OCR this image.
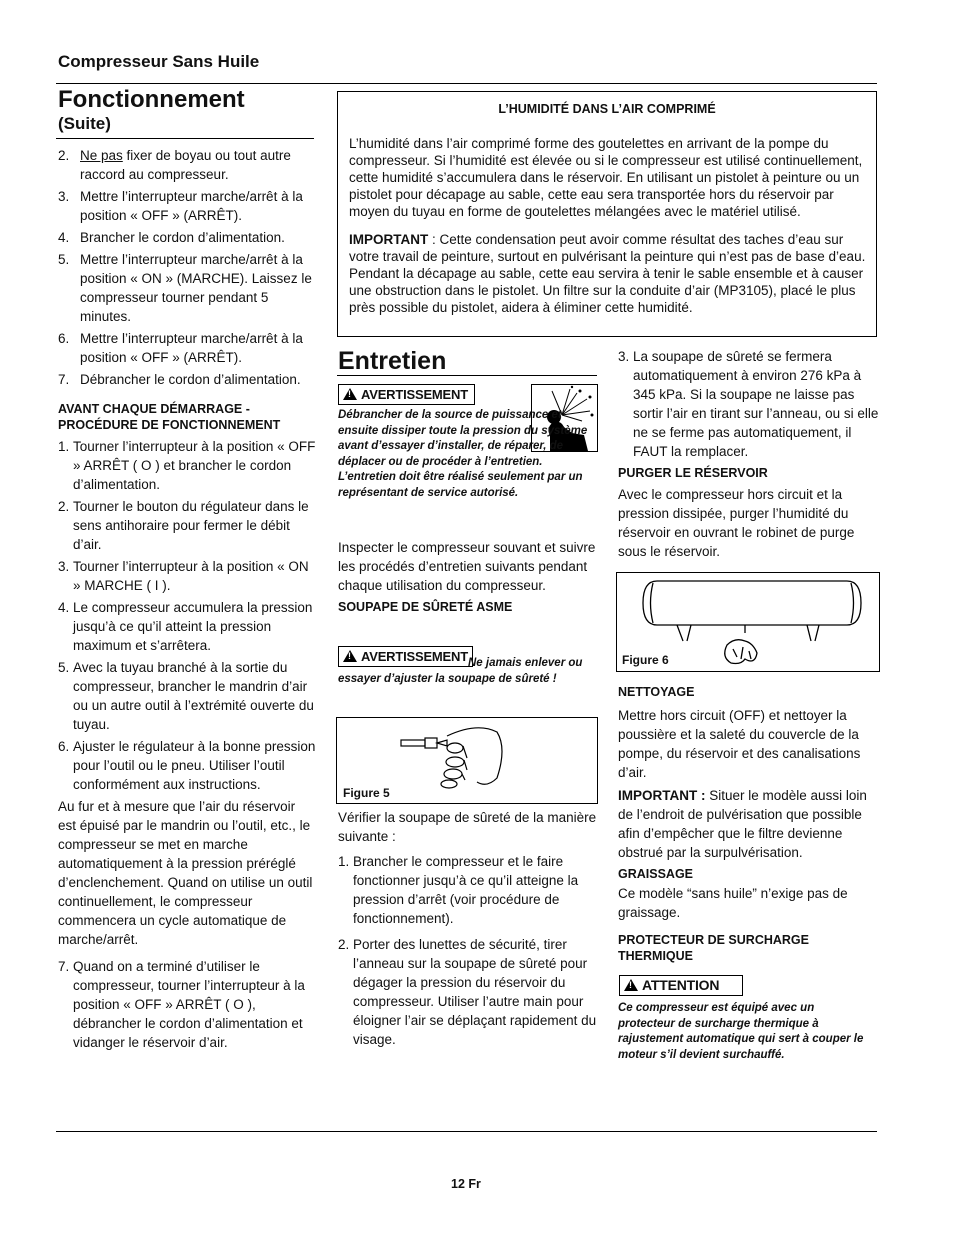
Compresseur Sans Huile
Fonctionnement
(Suite)
2. Ne pas fixer de boyau ou tout autre raccord au compresseur.
3. Mettre l’interrupteur marche/arrêt à la position « OFF » (ARRÊT).
4. Brancher le cordon d’alimentation.
5. Mettre l’interrupteur marche/arrêt à la position « ON » (MARCHE). Laissez le compresseur tourner pendant 5 minutes.
6. Mettre l’interrupteur marche/arrêt à la position « OFF » (ARRÊT).
7. Débrancher le cordon d’alimentation.
AVANT CHAQUE DÉMARRAGE - PROCÉDURE DE FONCTIONNEMENT
1. Tourner l’interrupteur à la position « OFF » ARRÊT ( O ) et brancher le cordon d’alimentation.
2. Tourner le bouton du régulateur dans le sens antihoraire pour fermer le débit d’air.
3. Tourner l’interrupteur à la position « ON » MARCHE ( I ).
4. Le compresseur accumulera la pression jusqu’à ce qu’il atteint la pression maximum et s’arrêtera.
5. Avec la tuyau branché à la sortie du compresseur, brancher le mandrin d’air ou un autre outil à l’extrémité ouverte du tuyau.
6. Ajuster le régulateur à la bonne pression pour l’outil ou le pneu. Utiliser l’outil conformément aux instructions.

Au fur et à mesure que l’air du réservoir est épuisé par le mandrin ou l’outil, etc., le compresseur se met en marche automatiquement à la pression préréglé d’enclenchement. Quand on utilise un outil continuellement, le compresseur commencera un cycle automatique de marche/arrêt.

7. Quand on a terminé d’utiliser le compresseur, tourner l’interrupteur à la position « OFF » ARRÊT ( O ), débrancher le cordon d’alimentation et vidanger le réservoir d’air.
L’HUMIDITÉ DANS L’AIR COMPRIMÉ

L’humidité dans l’air comprimé forme des goutelettes en arrivant de la pompe du compresseur. Si l’humidité est élevée ou si le compresseur est utilisé continuellement, cette humidité s’accumulera dans le réservoir. En utilisant un pistolet à peinture ou un pistolet pour décapage au sable, cette eau sera transportée hors du réservoir par moyen du tuyau en forme de goutelettes mélangées avec le matériel utilisé.

IMPORTANT : Cette condensation peut avoir comme résultat des taches d’eau sur votre travail de peinture, surtout en pulvérisant la peinture qui n’est pas de base d’eau. Pendant la décapage au sable, cette eau servira à tenir le sable ensemble et à causer une obstruction dans le pistolet. Un filtre sur la conduite d’air (MP3105), placé le plus près possible du pistolet, aidera à éliminer cette humidité.

Entretien
!AVERTISSEMENT
Débrancher de la source de puissance et ensuite dissiper toute la pression du système avant d’essayer d’installer, de réparer, de déplacer ou de procéder à l’entretien. L’entretien doit être réalisé seulement par un représentant de service autorisé.

Inspecter le compresseur souvant et suivre les procédés d’entretien suivants pendant chaque utilisation du compresseur.

SOUPAPE DE SÛRETÉ ASME
!AVERTISSEMENT Ne jamais enlever ou essayer d’ajuster la soupape de sûreté !
Figure 5

Vérifier la soupape de sûreté de la manière suivante :

1. Brancher le compresseur et le faire fonctionner jusqu’à ce qu’il atteigne la pression d’arrêt (voir procédure de fonctionnement).
2. Porter des lunettes de sécurité, tirer l’anneau sur la soupape de sûreté pour dégager la pression du réservoir du compresseur. Utiliser l’autre main pour éloigner l’air se déplaçant rapidement du visage.
3. La soupape de sûreté se fermera automatiquement à environ 276 kPa à 345 kPa. Si la soupape ne laisse pas sortir l’air en tirant sur l’anneau, ou si elle ne se ferme pas automatiquement, il FAUT la remplacer.
PURGER LE RÉSERVOIR

Avec le compresseur hors circuit et la pression dissipée, purger l’humidité du réservoir en ouvrant le robinet de purge sous le réservoir.

Figure 6
NETTOYAGE

Mettre hors circuit (OFF) et nettoyer la poussière et la saleté du couvercle de la pompe, du réservoir et des canalisations d’air.

IMPORTANT : Situer le modèle aussi loin de l’endroit de pulvérisation que possible afin d’empêcher que le filtre devienne obstrué par la surpulvérisation.

GRAISSAGE

Ce modèle “sans huile” n’exige pas de graissage.

PROTECTEUR DE SURCHARGE THERMIQUE
!ATTENTION
Ce compresseur est équipé avec un protecteur de surcharge thermique à rajustement automatique qui sert à couper le moteur s’il devient surchauffé.
12 Fr
